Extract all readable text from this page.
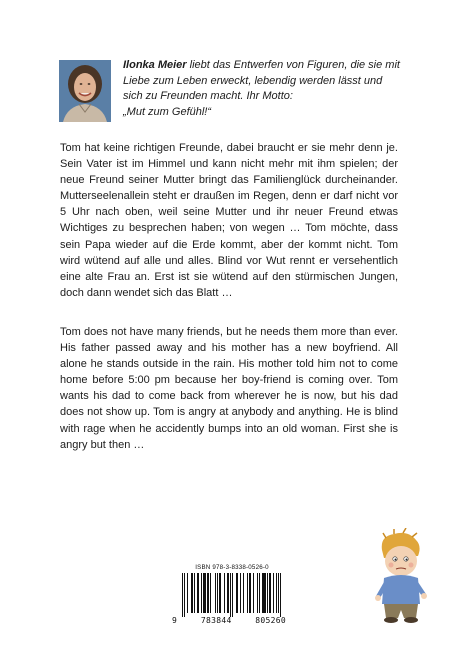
Ilonka Meier liebt das Entwerfen von Figuren, die sie mit Liebe zum Leben erweckt, lebendig werden lässt und sich zu Freunden macht. Ihr Motto:
„Mut zum Gefühl!“

Tom hat keine richtigen Freunde, dabei braucht er sie mehr denn je. Sein Vater ist im Himmel und kann nicht mehr mit ihm spielen; der neue Freund seiner Mutter bringt das Familienglück durcheinander. Mutterseelenallein steht er draußen im Regen, denn er darf nicht vor 5 Uhr nach oben, weil seine Mutter und ihr neuer Freund etwas Wichtiges zu besprechen haben; von wegen … Tom möchte, dass sein Papa wieder auf die Erde kommt, aber der kommt nicht. Tom wird wütend auf alle und alles. Blind vor Wut rennt er versehentlich eine alte Frau an. Erst ist sie wütend auf den stürmischen Jungen, doch dann wendet sich das Blatt …

Tom does not have many friends, but he needs them more than ever. His father passed away and his mother has a new boyfriend. All alone he stands outside in the rain. His mother told him not to come home before 5:00 pm because her boy-friend is coming over. Tom wants his dad to come back from wherever he is now, but his dad does not show up. Tom is angry at anybody and anything. He is blind with rage when he accidently bumps into an old woman. First she is angry but then …

ISBN 978-3-8338-0526-0
9	783844	805260
